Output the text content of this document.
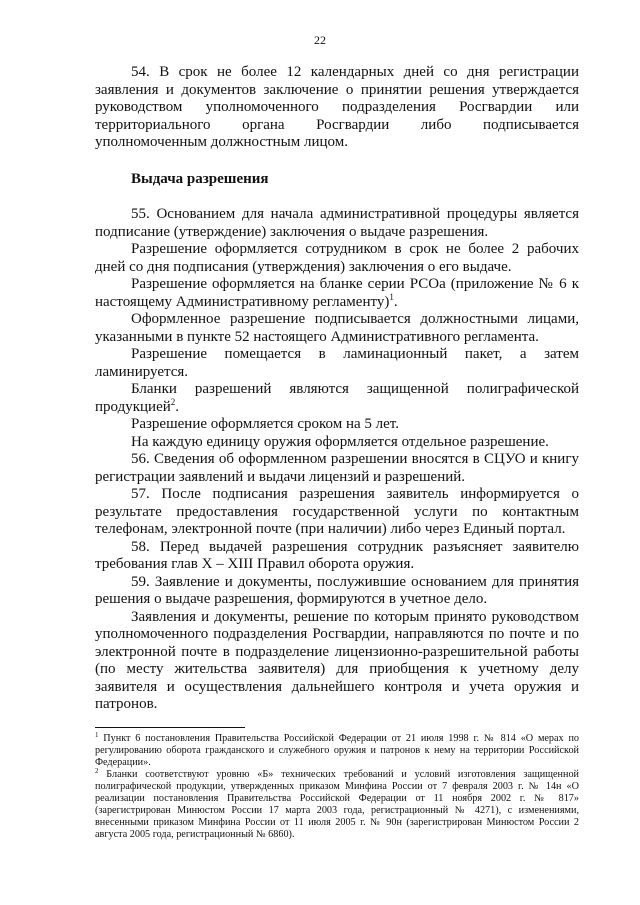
22

54. В срок не более 12 календарных дней со дня регистрации заявления и документов заключение о принятии решения утверждается руководством уполномоченного подразделения Росгвардии или территориального органа Росгвардии либо подписывается уполномоченным должностным лицом.

Выдача разрешения

55. Основанием для начала административной процедуры является подписание (утверждение) заключения о выдаче разрешения.

Разрешение оформляется сотрудником в срок не более 2 рабочих дней со дня подписания (утверждения) заключения о его выдаче.

Разрешение оформляется на бланке серии РСОа (приложение № 6 к настоящему Административному регламенту)$^1$.

Оформленное разрешение подписывается должностными лицами, указанными в пункте 52 настоящего Административного регламента.

Разрешение помещается в ламинационный пакет, а затем ламинируется.

Бланки разрешений являются защищенной полиграфической продукцией$^2$.

Разрешение оформляется сроком на 5 лет.

На каждую единицу оружия оформляется отдельное разрешение.

56. Сведения об оформленном разрешении вносятся в СЦУО и книгу регистрации заявлений и выдачи лицензий и разрешений.

57. После подписания разрешения заявитель информируется о результате предоставления государственной услуги по контактным телефонам, электронной почте (при наличии) либо через Единый портал.

58. Перед выдачей разрешения сотрудник разъясняет заявителю требования глав X – XIII Правил оборота оружия.

59. Заявление и документы, послужившие основанием для принятия решения о выдаче разрешения, формируются в учетное дело.

Заявления и документы, решение по которым принято руководством уполномоченного подразделения Росгвардии, направляются по почте и по электронной почте в подразделение лицензионно-разрешительной работы (по месту жительства заявителя) для приобщения к учетному делу заявителя и осуществления дальнейшего контроля и учета оружия и патронов.

$^1$ Пункт 6 постановления Правительства Российской Федерации от 21 июля 1998 г. № 814 «О мерах по регулированию оборота гражданского и служебного оружия и патронов к нему на территории Российской Федерации».

$^2$ Бланки соответствуют уровню «Б» технических требований и условий изготовления защищенной полиграфической продукции, утвержденных приказом Минфина России от 7 февраля 2003 г. № 14н «О реализации постановления Правительства Российской Федерации от 11 ноября 2002 г. № 817» (зарегистрирован Минюстом России 17 марта 2003 года, регистрационный № 4271), с изменениями, внесенными приказом Минфина России от 11 июля 2005 г. № 90н (зарегистрирован Минюстом России 2 августа 2005 года, регистрационный № 6860).
